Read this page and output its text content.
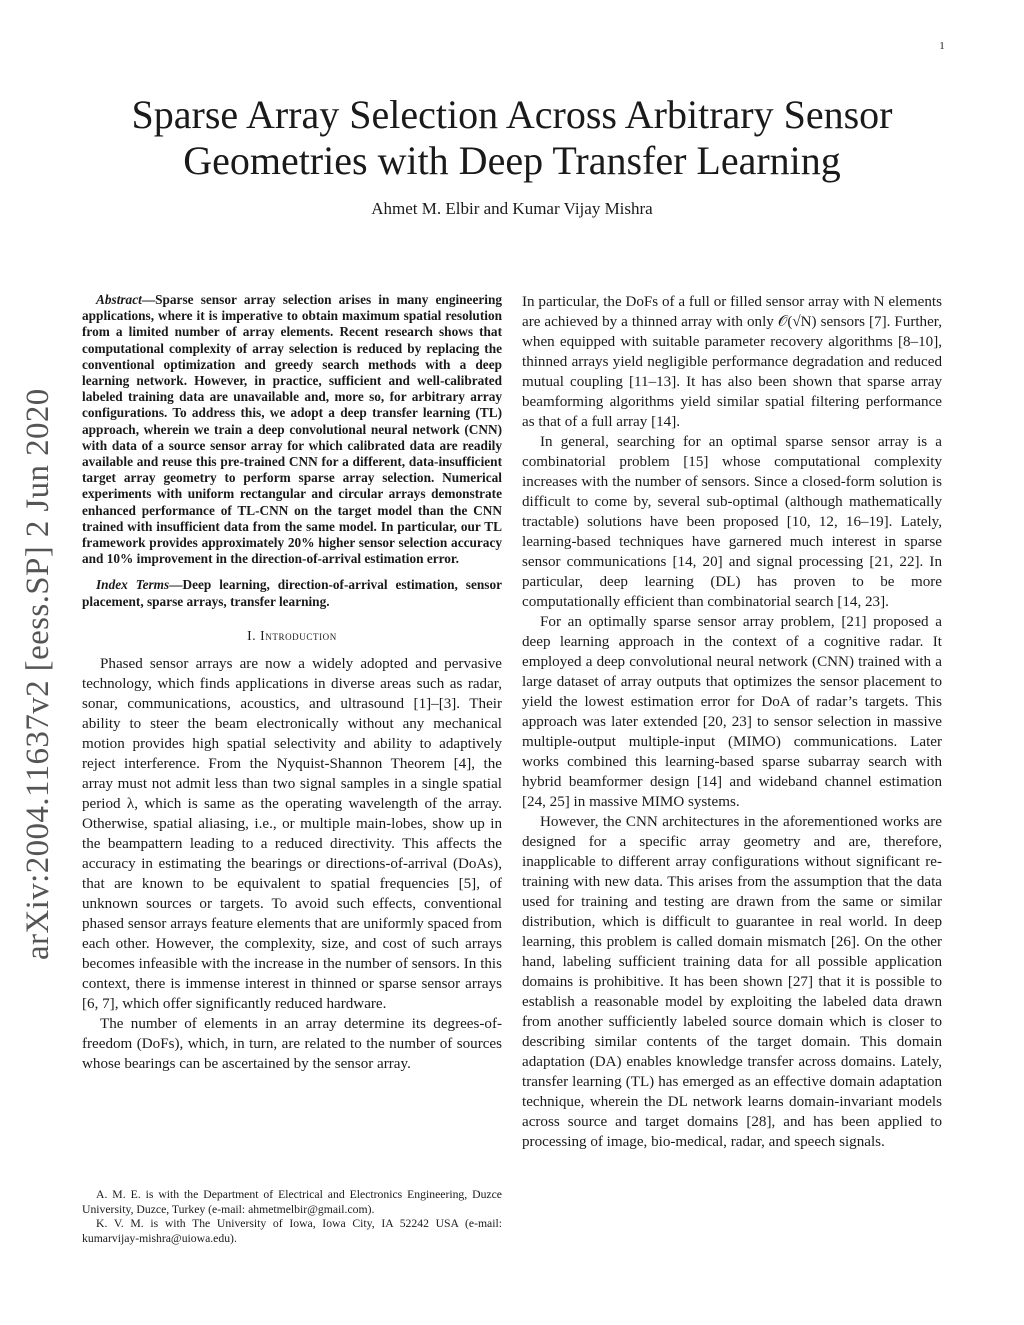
1
arXiv:2004.11637v2 [eess.SP] 2 Jun 2020
Sparse Array Selection Across Arbitrary Sensor Geometries with Deep Transfer Learning
Ahmet M. Elbir and Kumar Vijay Mishra

Abstract—Sparse sensor array selection arises in many engineering applications, where it is imperative to obtain maximum spatial resolution from a limited number of array elements. Recent research shows that computational complexity of array selection is reduced by replacing the conventional optimization and greedy search methods with a deep learning network. However, in practice, sufficient and well-calibrated labeled training data are unavailable and, more so, for arbitrary array configurations. To address this, we adopt a deep transfer learning (TL) approach, wherein we train a deep convolutional neural network (CNN) with data of a source sensor array for which calibrated data are readily available and reuse this pre-trained CNN for a different, data-insufficient target array geometry to perform sparse array selection. Numerical experiments with uniform rectangular and circular arrays demonstrate enhanced performance of TL-CNN on the target model than the CNN trained with insufficient data from the same model. In particular, our TL framework provides approximately 20% higher sensor selection accuracy and 10% improvement in the direction-of-arrival estimation error.

Index Terms—Deep learning, direction-of-arrival estimation, sensor placement, sparse arrays, transfer learning.

I. Introduction

Phased sensor arrays are now a widely adopted and pervasive technology, which finds applications in diverse areas such as radar, sonar, communications, acoustics, and ultrasound [1]–[3]. Their ability to steer the beam electronically without any mechanical motion provides high spatial selectivity and ability to adaptively reject interference. From the Nyquist-Shannon Theorem [4], the array must not admit less than two signal samples in a single spatial period λ, which is same as the operating wavelength of the array. Otherwise, spatial aliasing, i.e., or multiple main-lobes, show up in the beampattern leading to a reduced directivity. This affects the accuracy in estimating the bearings or directions-of-arrival (DoAs), that are known to be equivalent to spatial frequencies [5], of unknown sources or targets. To avoid such effects, conventional phased sensor arrays feature elements that are uniformly spaced from each other. However, the complexity, size, and cost of such arrays becomes infeasible with the increase in the number of sensors. In this context, there is immense interest in thinned or sparse sensor arrays [6, 7], which offer significantly reduced hardware.

The number of elements in an array determine its degrees-of-freedom (DoFs), which, in turn, are related to the number of sources whose bearings can be ascertained by the sensor array.

A. M. E. is with the Department of Electrical and Electronics Engineering, Duzce University, Duzce, Turkey (e-mail: ahmetmelbir@gmail.com).

K. V. M. is with The University of Iowa, Iowa City, IA 52242 USA (e-mail: kumarvijay-mishra@uiowa.edu).

In particular, the DoFs of a full or filled sensor array with N elements are achieved by a thinned array with only 𝒪(√N) sensors [7]. Further, when equipped with suitable parameter recovery algorithms [8–10], thinned arrays yield negligible performance degradation and reduced mutual coupling [11–13]. It has also been shown that sparse array beamforming algorithms yield similar spatial filtering performance as that of a full array [14].

In general, searching for an optimal sparse sensor array is a combinatorial problem [15] whose computational complexity increases with the number of sensors. Since a closed-form solution is difficult to come by, several sub-optimal (although mathematically tractable) solutions have been proposed [10, 12, 16–19]. Lately, learning-based techniques have garnered much interest in sparse sensor communications [14, 20] and signal processing [21, 22]. In particular, deep learning (DL) has proven to be more computationally efficient than combinatorial search [14, 23].

For an optimally sparse sensor array problem, [21] proposed a deep learning approach in the context of a cognitive radar. It employed a deep convolutional neural network (CNN) trained with a large dataset of array outputs that optimizes the sensor placement to yield the lowest estimation error for DoA of radar’s targets. This approach was later extended [20, 23] to sensor selection in massive multiple-output multiple-input (MIMO) communications. Later works combined this learning-based sparse subarray search with hybrid beamformer design [14] and wideband channel estimation [24, 25] in massive MIMO systems.

However, the CNN architectures in the aforementioned works are designed for a specific array geometry and are, therefore, inapplicable to different array configurations without significant re-training with new data. This arises from the assumption that the data used for training and testing are drawn from the same or similar distribution, which is difficult to guarantee in real world. In deep learning, this problem is called domain mismatch [26]. On the other hand, labeling sufficient training data for all possible application domains is prohibitive. It has been shown [27] that it is possible to establish a reasonable model by exploiting the labeled data drawn from another sufficiently labeled source domain which is closer to describing similar contents of the target domain. This domain adaptation (DA) enables knowledge transfer across domains. Lately, transfer learning (TL) has emerged as an effective domain adaptation technique, wherein the DL network learns domain-invariant models across source and target domains [28], and has been applied to processing of image, bio-medical, radar, and speech signals.
